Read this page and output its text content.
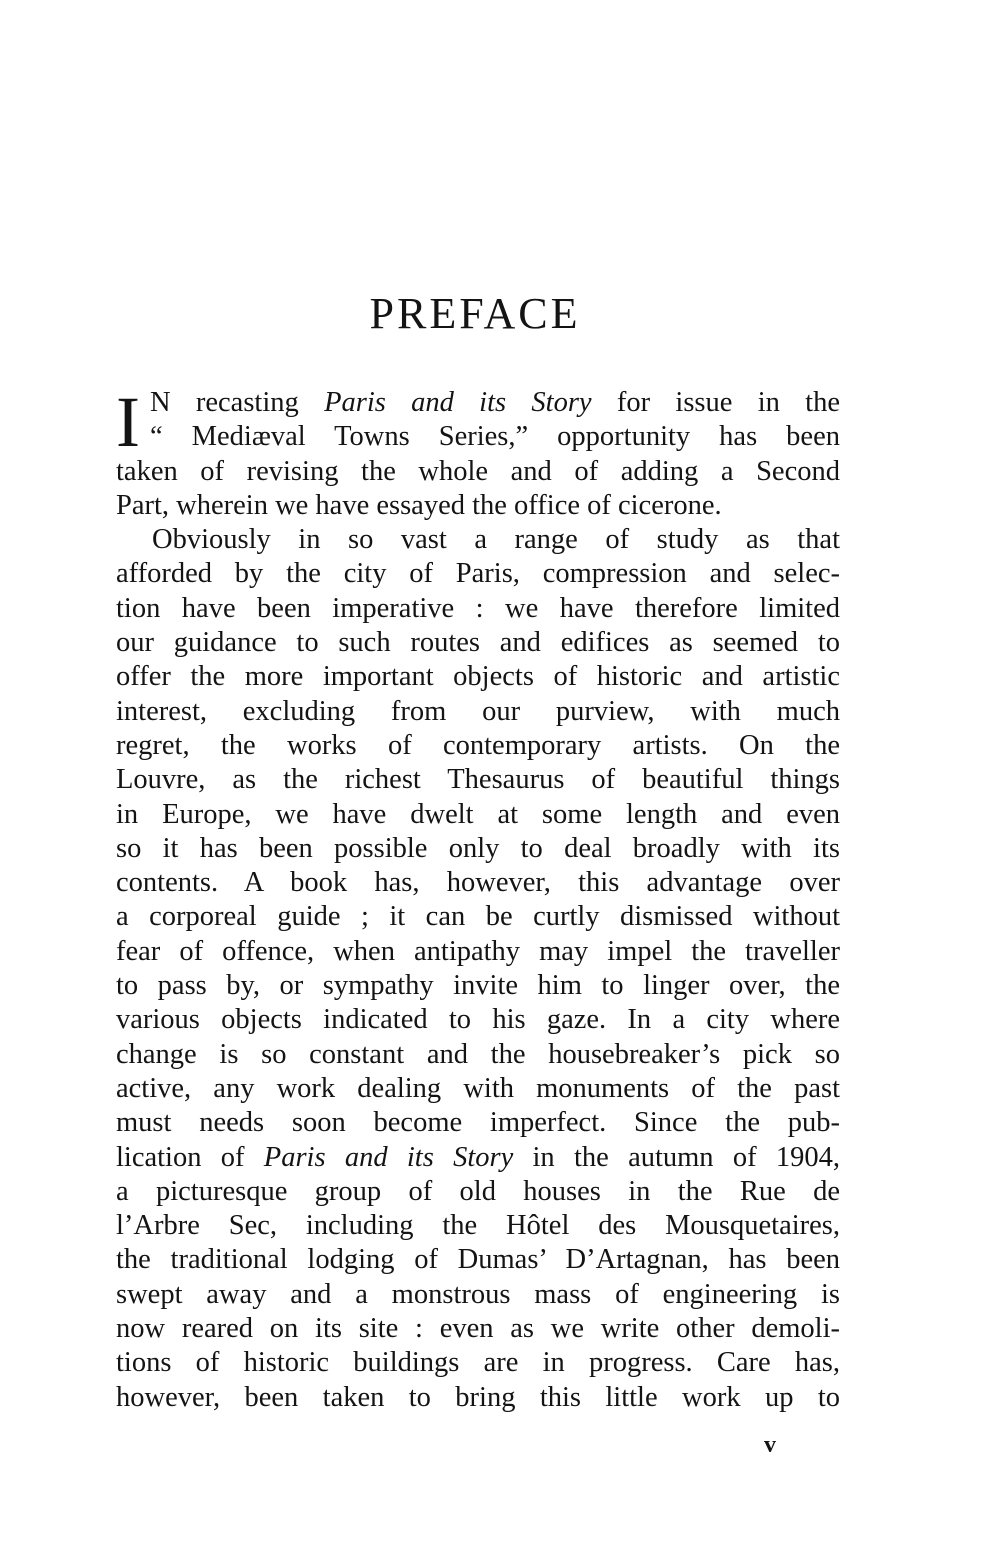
PREFACE
I N recasting Paris and its Story for issue in the
“ Mediæval Towns Series,” opportunity has been
taken of revising the whole and of adding a Second
Part, wherein we have essayed the office of cicerone.
Obviously in so vast a range of study as that
afforded by the city of Paris, compression and selec-
tion have been imperative : we have therefore limited
our guidance to such routes and edifices as seemed to
offer the more important objects of historic and artistic
interest, excluding from our purview, with much
regret, the works of contemporary artists. On the
Louvre, as the richest Thesaurus of beautiful things
in Europe, we have dwelt at some length and even
so it has been possible only to deal broadly with its
contents. A book has, however, this advantage over
a corporeal guide ; it can be curtly dismissed without
fear of offence, when antipathy may impel the traveller
to pass by, or sympathy invite him to linger over, the
various objects indicated to his gaze. In a city where
change is so constant and the housebreaker’s pick so
active, any work dealing with monuments of the past
must needs soon become imperfect. Since the pub-
lication of Paris and its Story in the autumn of 1904,
a picturesque group of old houses in the Rue de
l’Arbre Sec, including the Hôtel des Mousquetaires,
the traditional lodging of Dumas’ D’Artagnan, has been
swept away and a monstrous mass of engineering is
now reared on its site : even as we write other demoli-
tions of historic buildings are in progress. Care has,
however, been taken to bring this little work up to
v
